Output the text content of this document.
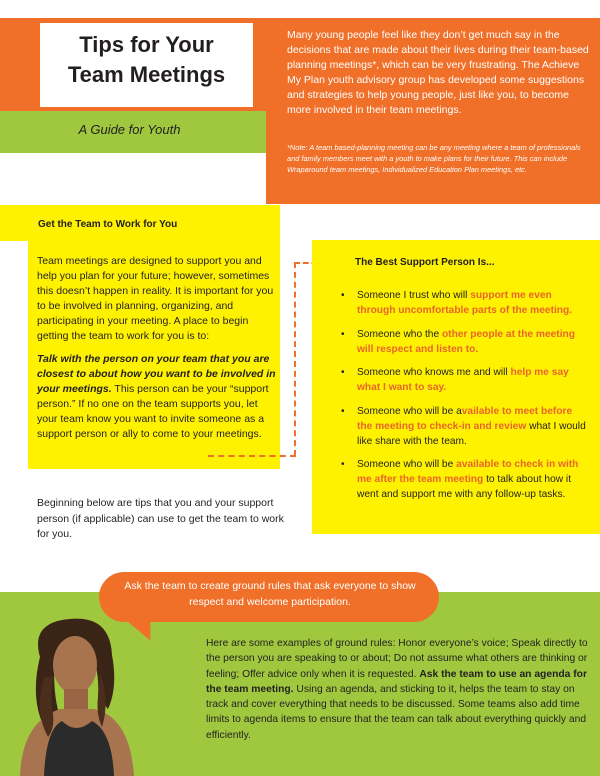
Tips for Your
Team Meetings
A Guide for Youth

Many young people feel like they don’t get much say in the decisions that are made about their lives during their team-based planning meetings*, which can be very frustrating. The Achieve My Plan youth advisory group has developed some suggestions and strategies to help young people, just like you, to become more involved in their team meetings.

*Note: A team based-planning meeting can be any meeting where a team of professionals and family members meet with a youth to make plans for their future. This can include Wraparound team meetings, Individualized Education Plan meetings, etc.

Get the Team to Work for You

Team meetings are designed to support you and help you plan for your future; however, sometimes this doesn’t happen in reality. It is important for you to be involved in planning, organizing, and participating in your meeting. A place to begin getting the team to work for you is to:

Talk with the person on your team that you are closest to about how you want to be involved in your meetings. This person can be your “support person.” If no one on the team supports you, let your team know you want to invite someone as a support person or ally to come to your meetings.

The Best Support Person Is...
• Someone I trust who will support me even through uncomfortable parts of the meeting.
• Someone who the other people at the meeting will respect and listen to.
• Someone who knows me and will help me say what I want to say.
• Someone who will be available to meet before the meeting to check-in and review what I would like share with the team.
• Someone who will be available to check in with me after the team meeting to talk about how it went and support me with any follow-up tasks.

Beginning below are tips that you and your support person (if applicable) can use to get the team to work for you.

Ask the team to create ground rules that ask everyone to show respect and welcome participation.

Here are some examples of ground rules: Honor everyone’s voice; Speak directly to the person you are speaking to or about; Do not assume what others are thinking or feeling; Offer advice only when it is requested. Ask the team to use an agenda for the team meeting. Using an agenda, and sticking to it, helps the team to stay on track and cover everything that needs to be discussed. Some teams also add time limits to agenda items to ensure that the team can talk about everything quickly and efficiently.
